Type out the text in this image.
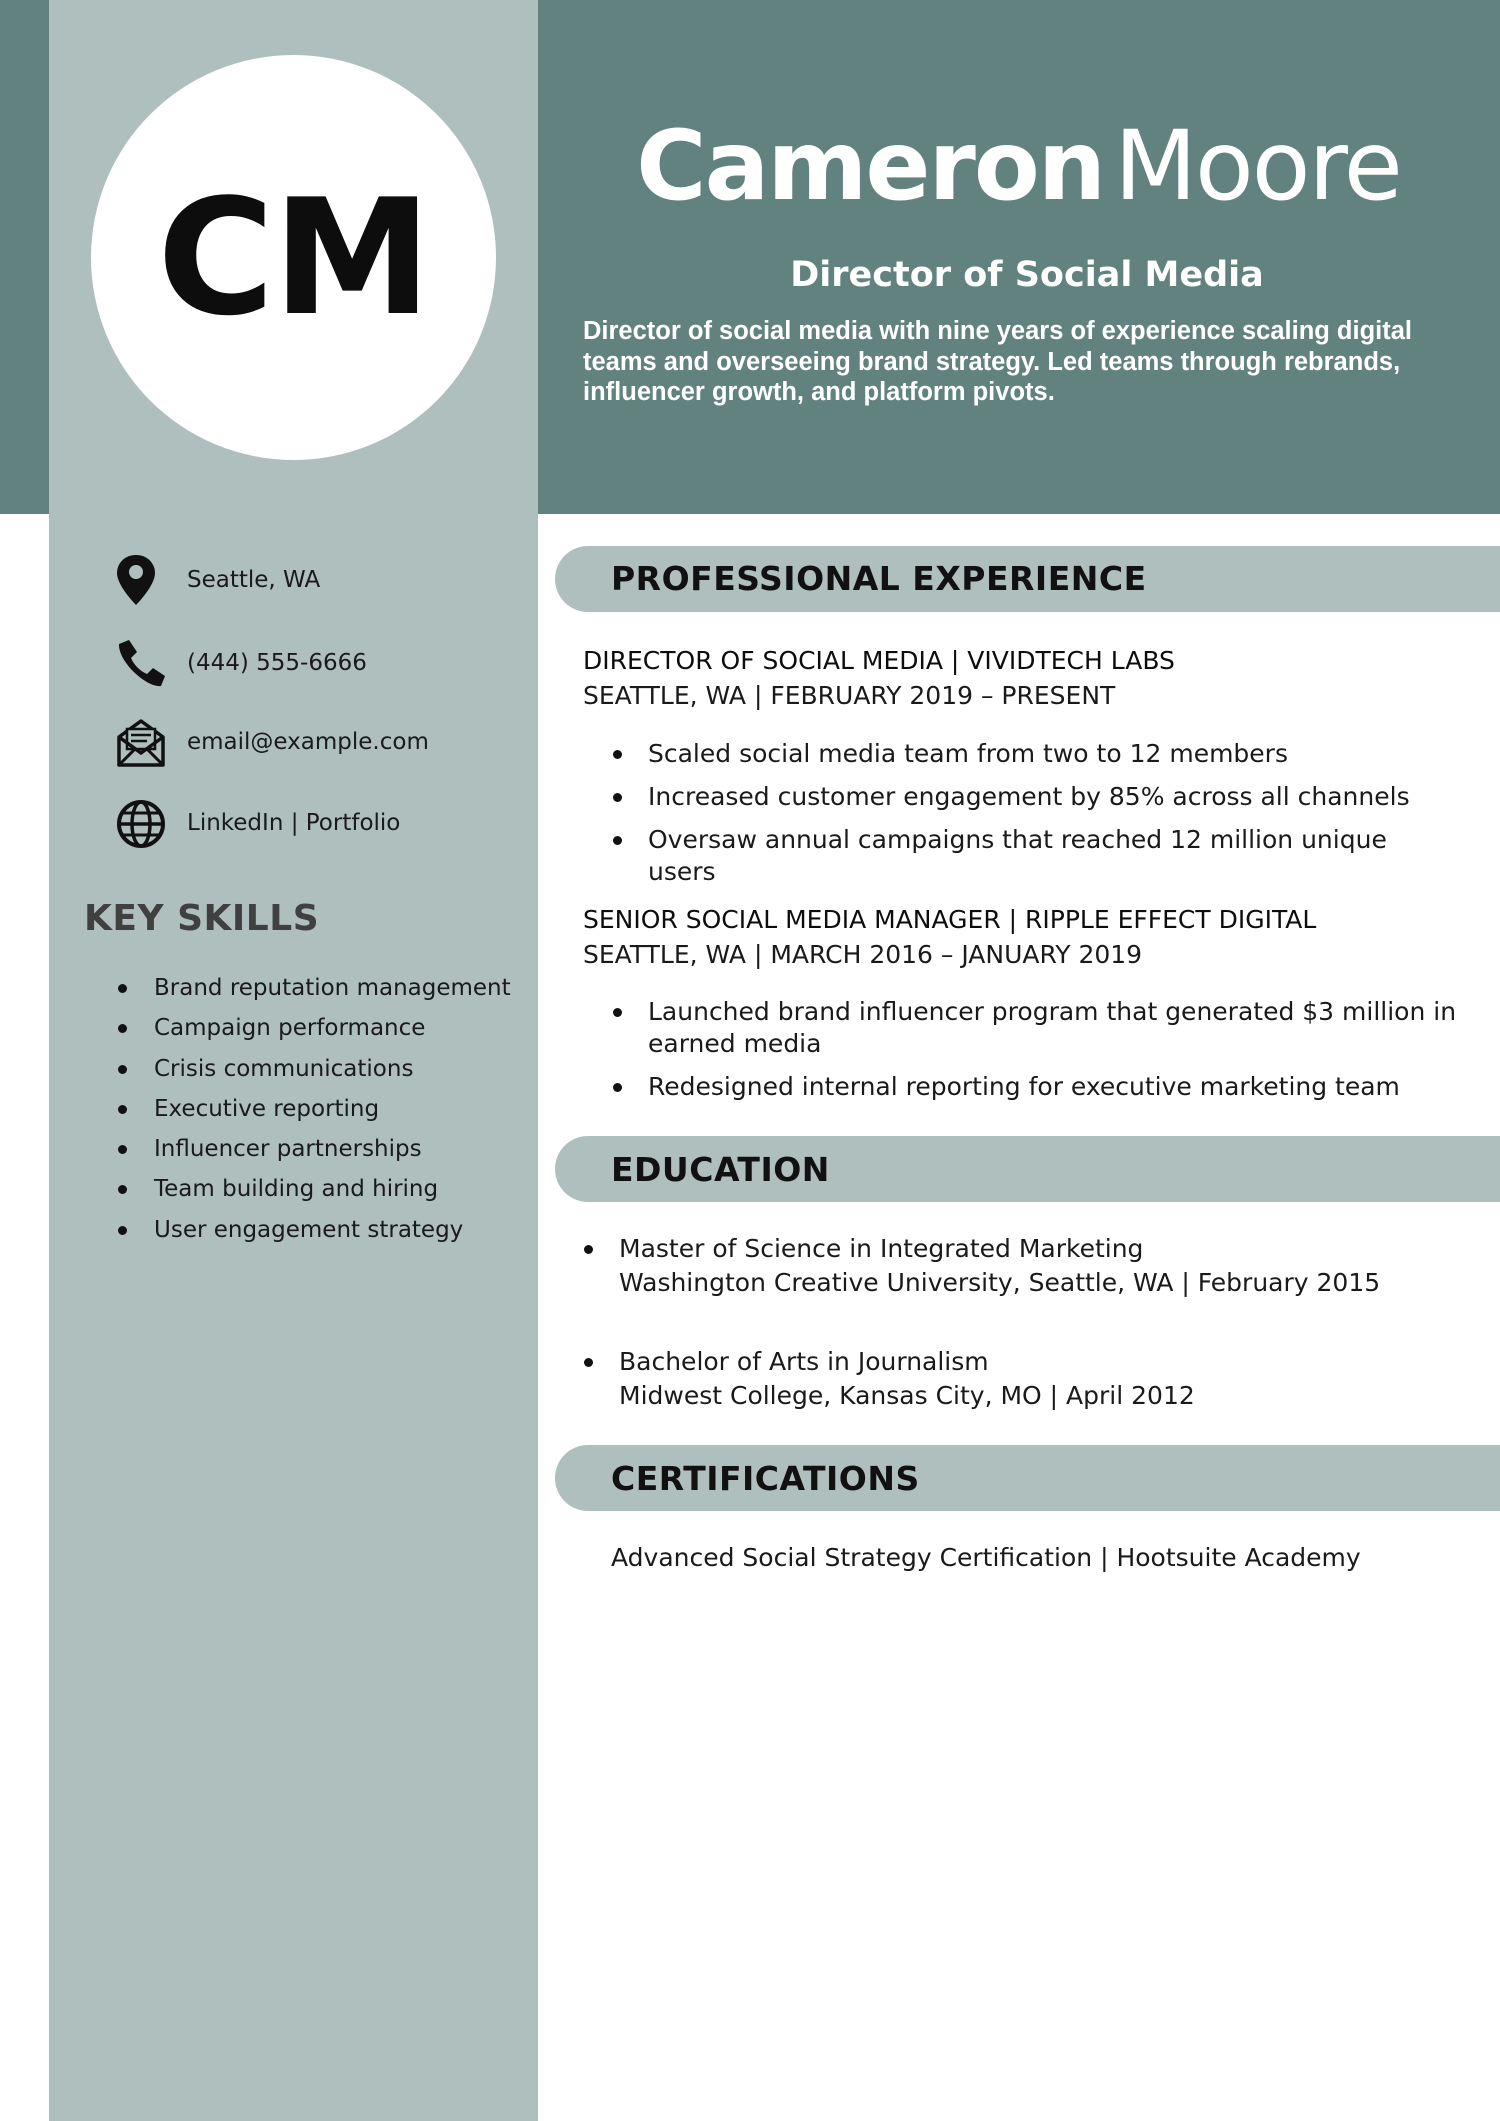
CM	Cameron Moore
Director of Social Media
Director of social media with nine years of experience scaling digital teams and overseeing brand strategy. Led teams through rebrands, influencer growth, and platform pivots.
Seattle, WA
(444) 555-6666
email@example.com
LinkedIn | Portfolio
KEY SKILLS
Brand reputation management
Campaign performance
Crisis communications
Executive reporting
Influencer partnerships
Team building and hiring
User engagement strategy
PROFESSIONAL EXPERIENCE
DIRECTOR OF SOCIAL MEDIA | VIVIDTECH LABS
SEATTLE, WA | FEBRUARY 2019 – PRESENT
Scaled social media team from two to 12 members
Increased customer engagement by 85% across all channels
Oversaw annual campaigns that reached 12 million unique users
SENIOR SOCIAL MEDIA MANAGER | RIPPLE EFFECT DIGITAL
SEATTLE, WA | MARCH 2016 – JANUARY 2019
Launched brand influencer program that generated $3 million in earned media
Redesigned internal reporting for executive marketing team
EDUCATION
Master of Science in Integrated Marketing
Washington Creative University, Seattle, WA | February 2015
Bachelor of Arts in Journalism
Midwest College, Kansas City, MO | April 2012
CERTIFICATIONS
Advanced Social Strategy Certification | Hootsuite Academy
